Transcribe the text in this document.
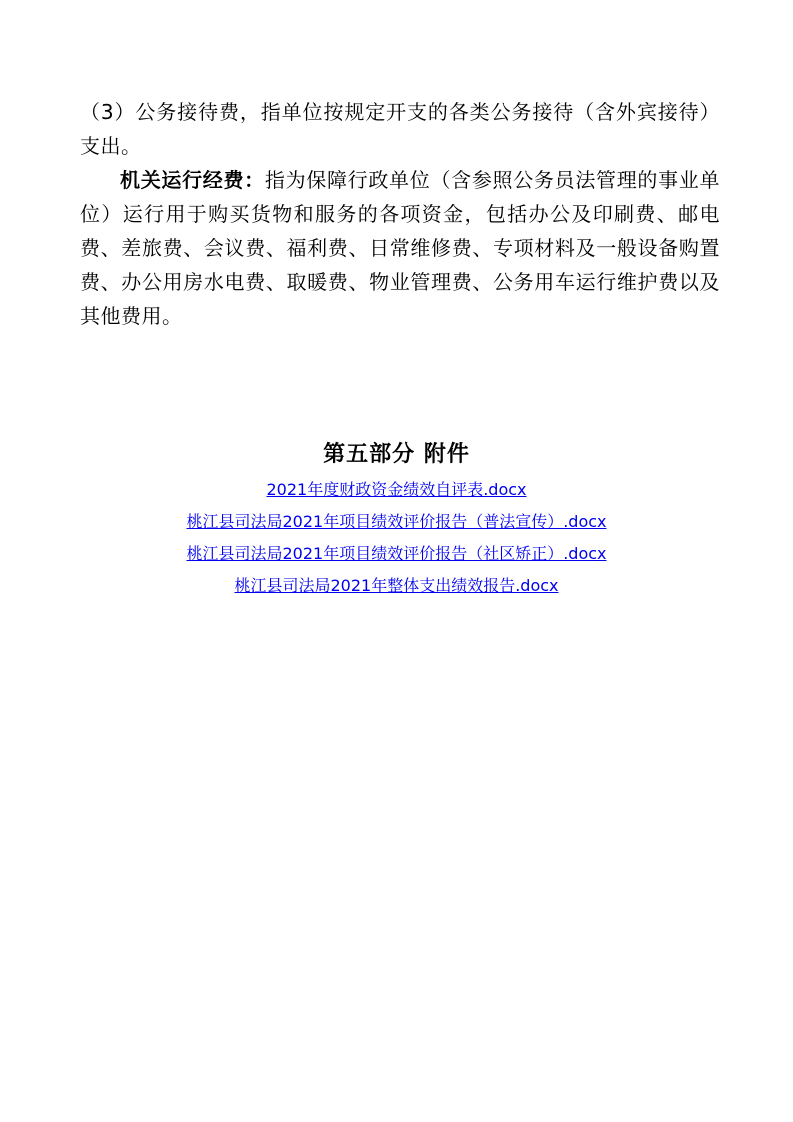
（3）公务接待费，指单位按规定开支的各类公务接待（含外宾接待）支出。

机关运行经费：指为保障行政单位（含参照公务员法管理的事业单位）运行用于购买货物和服务的各项资金，包括办公及印刷费、邮电费、差旅费、会议费、福利费、日常维修费、专项材料及一般设备购置费、办公用房水电费、取暖费、物业管理费、公务用车运行维护费以及其他费用。

第五部分 附件
2021年度财政资金绩效自评表.docx
桃江县司法局2021年项目绩效评价报告（普法宣传）.docx
桃江县司法局2021年项目绩效评价报告（社区矫正）.docx
桃江县司法局2021年整体支出绩效报告.docx
